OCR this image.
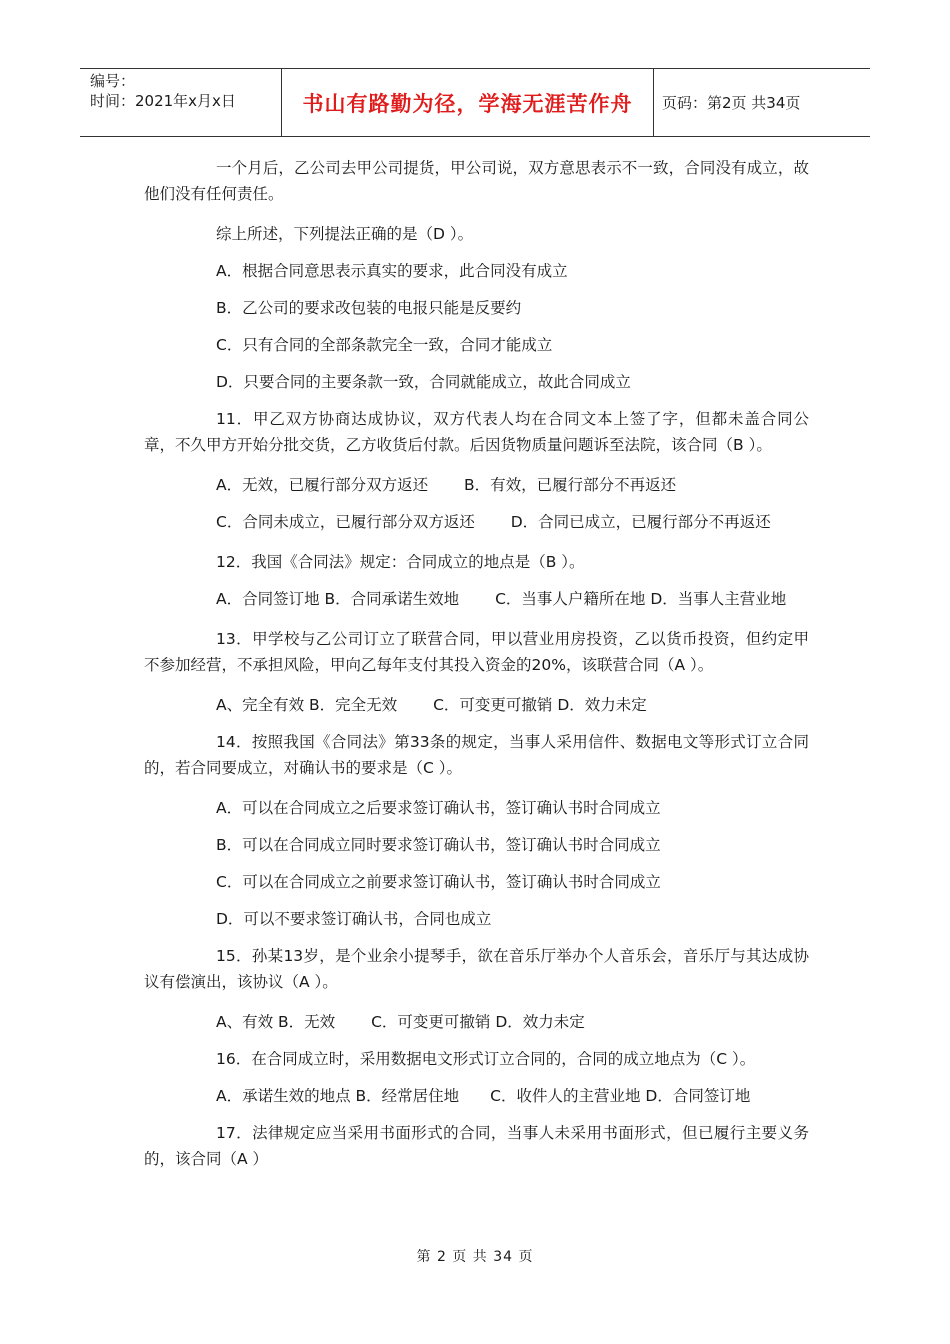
编号：
时间：2021年x月x日	书山有路勤为径，学海无涯苦作舟	页码：第2页 共34页

一个月后，乙公司去甲公司提货，甲公司说，双方意思表示不一致，合同没有成立，故他们没有任何责任。

综上所述，下列提法正确的是（D ）。

A．根据合同意思表示真实的要求，此合同没有成立

B．乙公司的要求改包装的电报只能是反要约

C．只有合同的全部条款完全一致，合同才能成立

D．只要合同的主要条款一致，合同就能成立，故此合同成立

11．甲乙双方协商达成协议，双方代表人均在合同文本上签了字，但都未盖合同公章，不久甲方开始分批交货，乙方收货后付款。后因货物质量问题诉至法院，该合同（B ）。

A．无效，已履行部分双方返还　　 B．有效，已履行部分不再返还

C．合同未成立，已履行部分双方返还　　 D．合同已成立，已履行部分不再返还

12．我国《合同法》规定：合同成立的地点是（B ）。

A．合同签订地 B．合同承诺生效地　　 C．当事人户籍所在地 D．当事人主营业地

13．甲学校与乙公司订立了联营合同，甲以营业用房投资，乙以货币投资，但约定甲不参加经营，不承担风险，甲向乙每年支付其投入资金的20%，该联营合同（A ）。

A、完全有效 B．完全无效　　 C．可变更可撤销 D．效力未定

14．按照我国《合同法》第33条的规定，当事人采用信件、数据电文等形式订立合同的，若合同要成立，对确认书的要求是（C ）。

A．可以在合同成立之后要求签订确认书，签订确认书时合同成立

B．可以在合同成立同时要求签订确认书，签订确认书时合同成立

C．可以在合同成立之前要求签订确认书，签订确认书时合同成立

D．可以不要求签订确认书，合同也成立

15．孙某13岁，是个业余小提琴手，欲在音乐厅举办个人音乐会，音乐厅与其达成协议有偿演出，该协议（A ）。

A、有效 B．无效　　 C．可变更可撤销 D．效力未定

16．在合同成立时，采用数据电文形式订立合同的，合同的成立地点为（C ）。

A．承诺生效的地点 B．经常居住地　　C．收件人的主营业地 D．合同签订地

17．法律规定应当采用书面形式的合同，当事人未采用书面形式，但已履行主要义务的，该合同（A ）

第 2 页 共 34 页
